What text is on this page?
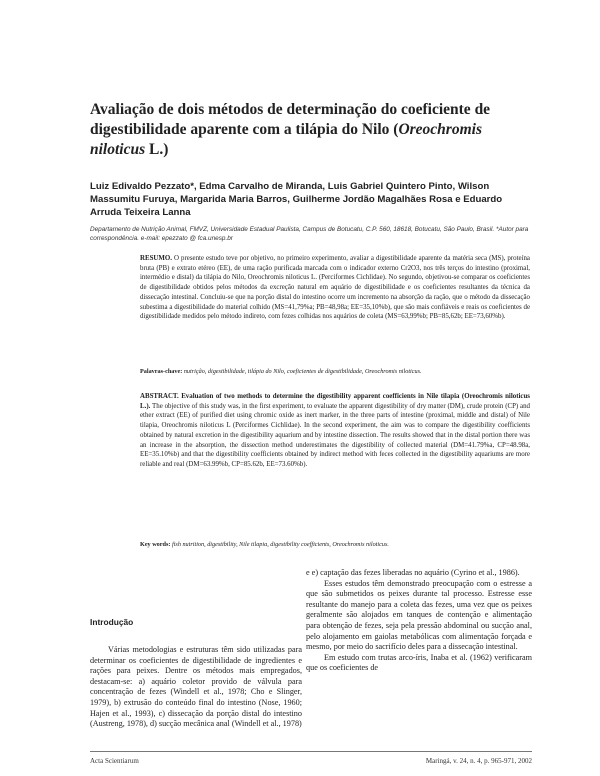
Avaliação de dois métodos de determinação do coeficiente de digestibilidade aparente com a tilápia do Nilo (Oreochromis niloticus L.)
Luiz Edivaldo Pezzato*, Edma Carvalho de Miranda, Luis Gabriel Quintero Pinto, Wilson Massumitu Furuya, Margarida Maria Barros, Guilherme Jordão Magalhães Rosa e Eduardo Arruda Teixeira Lanna
Departamento de Nutrição Animal, FMVZ, Universidade Estadual Paulista, Campus de Botucatu, C.P. 560, 18618, Botucatu, São Paulo, Brasil. *Autor para correspondência. e-mail: epezzato @ fca.unesp.br
RESUMO. O presente estudo teve por objetivo, no primeiro experimento, avaliar a digestibilidade aparente da matéria seca (MS), proteína bruta (PB) e extrato etéreo (EE), de uma ração purificada marcada com o indicador externo Cr2O3, nos três terços do intestino (proximal, intermédio e distal) da tilápia do Nilo, Oreochromis niloticus L. (Perciformes Cichlidae). No segundo, objetivou-se comparar os coeficientes de digestibilidade obtidos pelos métodos da excreção natural em aquário de digestibilidade e os coeficientes resultantes da técnica da dissecação intestinal. Concluiu-se que na porção distal do intestino ocorre um incremento na absorção da ração, que o método da dissecação subestima a digestibilidade do material colhido (MS=41,79%a; PB=48,98a; EE=35,10%b), que são mais confiáveis e reais os coeficientes de digestibilidade medidos pelo método indireto, com fezes colhidas nos aquários de coleta (MS=63,99%b; PB=85,62b; EE=73,60%b).
Palavras-chave: nutrição, digestibilidade, tilápia do Nilo, coeficientes de digestibilidade, Oreochromis niloticus.
ABSTRACT. Evaluation of two methods to determine the digestibility apparent coefficients in Nile tilapia (Oreochromis niloticus L.). The objective of this study was, in the first experiment, to evaluate the apparent digestibility of dry matter (DM), crude protein (CP) and ether extract (EE) of purified diet using chromic oxide as inert marker, in the three parts of intestine (proximal, middle and distal) of Nile tilapia, Oreochromis niloticus L (Perciformes Cichlidae). In the second experiment, the aim was to compare the digestibility coefficients obtained by natural excretion in the digestibility aquarium and by intestine dissection. The results showed that in the distal portion there was an increase in the absorption, the dissection method underestimates the digestibility of collected material (DM=41.79%a, CP=48.98a, EE=35.10%b) and that the digestibility coefficients obtained by indirect method with feces collected in the digestibility aquariums are more reliable and real (DM=63.99%b, CP=85.62b, EE=73.60%b).
Key words: fish nutrition, digestibility, Nile tilapia, digestibility coefficients, Oreochromis niloticus.
Introdução

Várias metodologias e estruturas têm sido utilizadas para determinar os coeficientes de digestibilidade de ingredientes e rações para peixes. Dentre os métodos mais empregados, destacam-se: a) aquário coletor provido de válvula para concentração de fezes (Windell et al., 1978; Cho e Slinger, 1979), b) extrusão do conteúdo final do intestino (Nose, 1960; Hajen et al., 1993), c) dissecação da porção distal do intestino (Austreng, 1978), d) sucção mecânica anal (Windell et al., 1978)

e e) captação das fezes liberadas no aquário (Cyrino et al., 1986).

Esses estudos têm demonstrado preocupação com o estresse a que são submetidos os peixes durante tal processo. Estresse esse resultante do manejo para a coleta das fezes, uma vez que os peixes geralmente são alojados em tanques de contenção e alimentação para obtenção de fezes, seja pela pressão abdominal ou sucção anal, pelo alojamento em gaiolas metabólicas com alimentação forçada e mesmo, por meio do sacrifício deles para a dissecação intestinal.

Em estudo com trutas arco-íris, Inaba et al. (1962) verificaram que os coeficientes de

Acta Scientiarum	Maringá, v. 24, n. 4, p. 965-971, 2002
